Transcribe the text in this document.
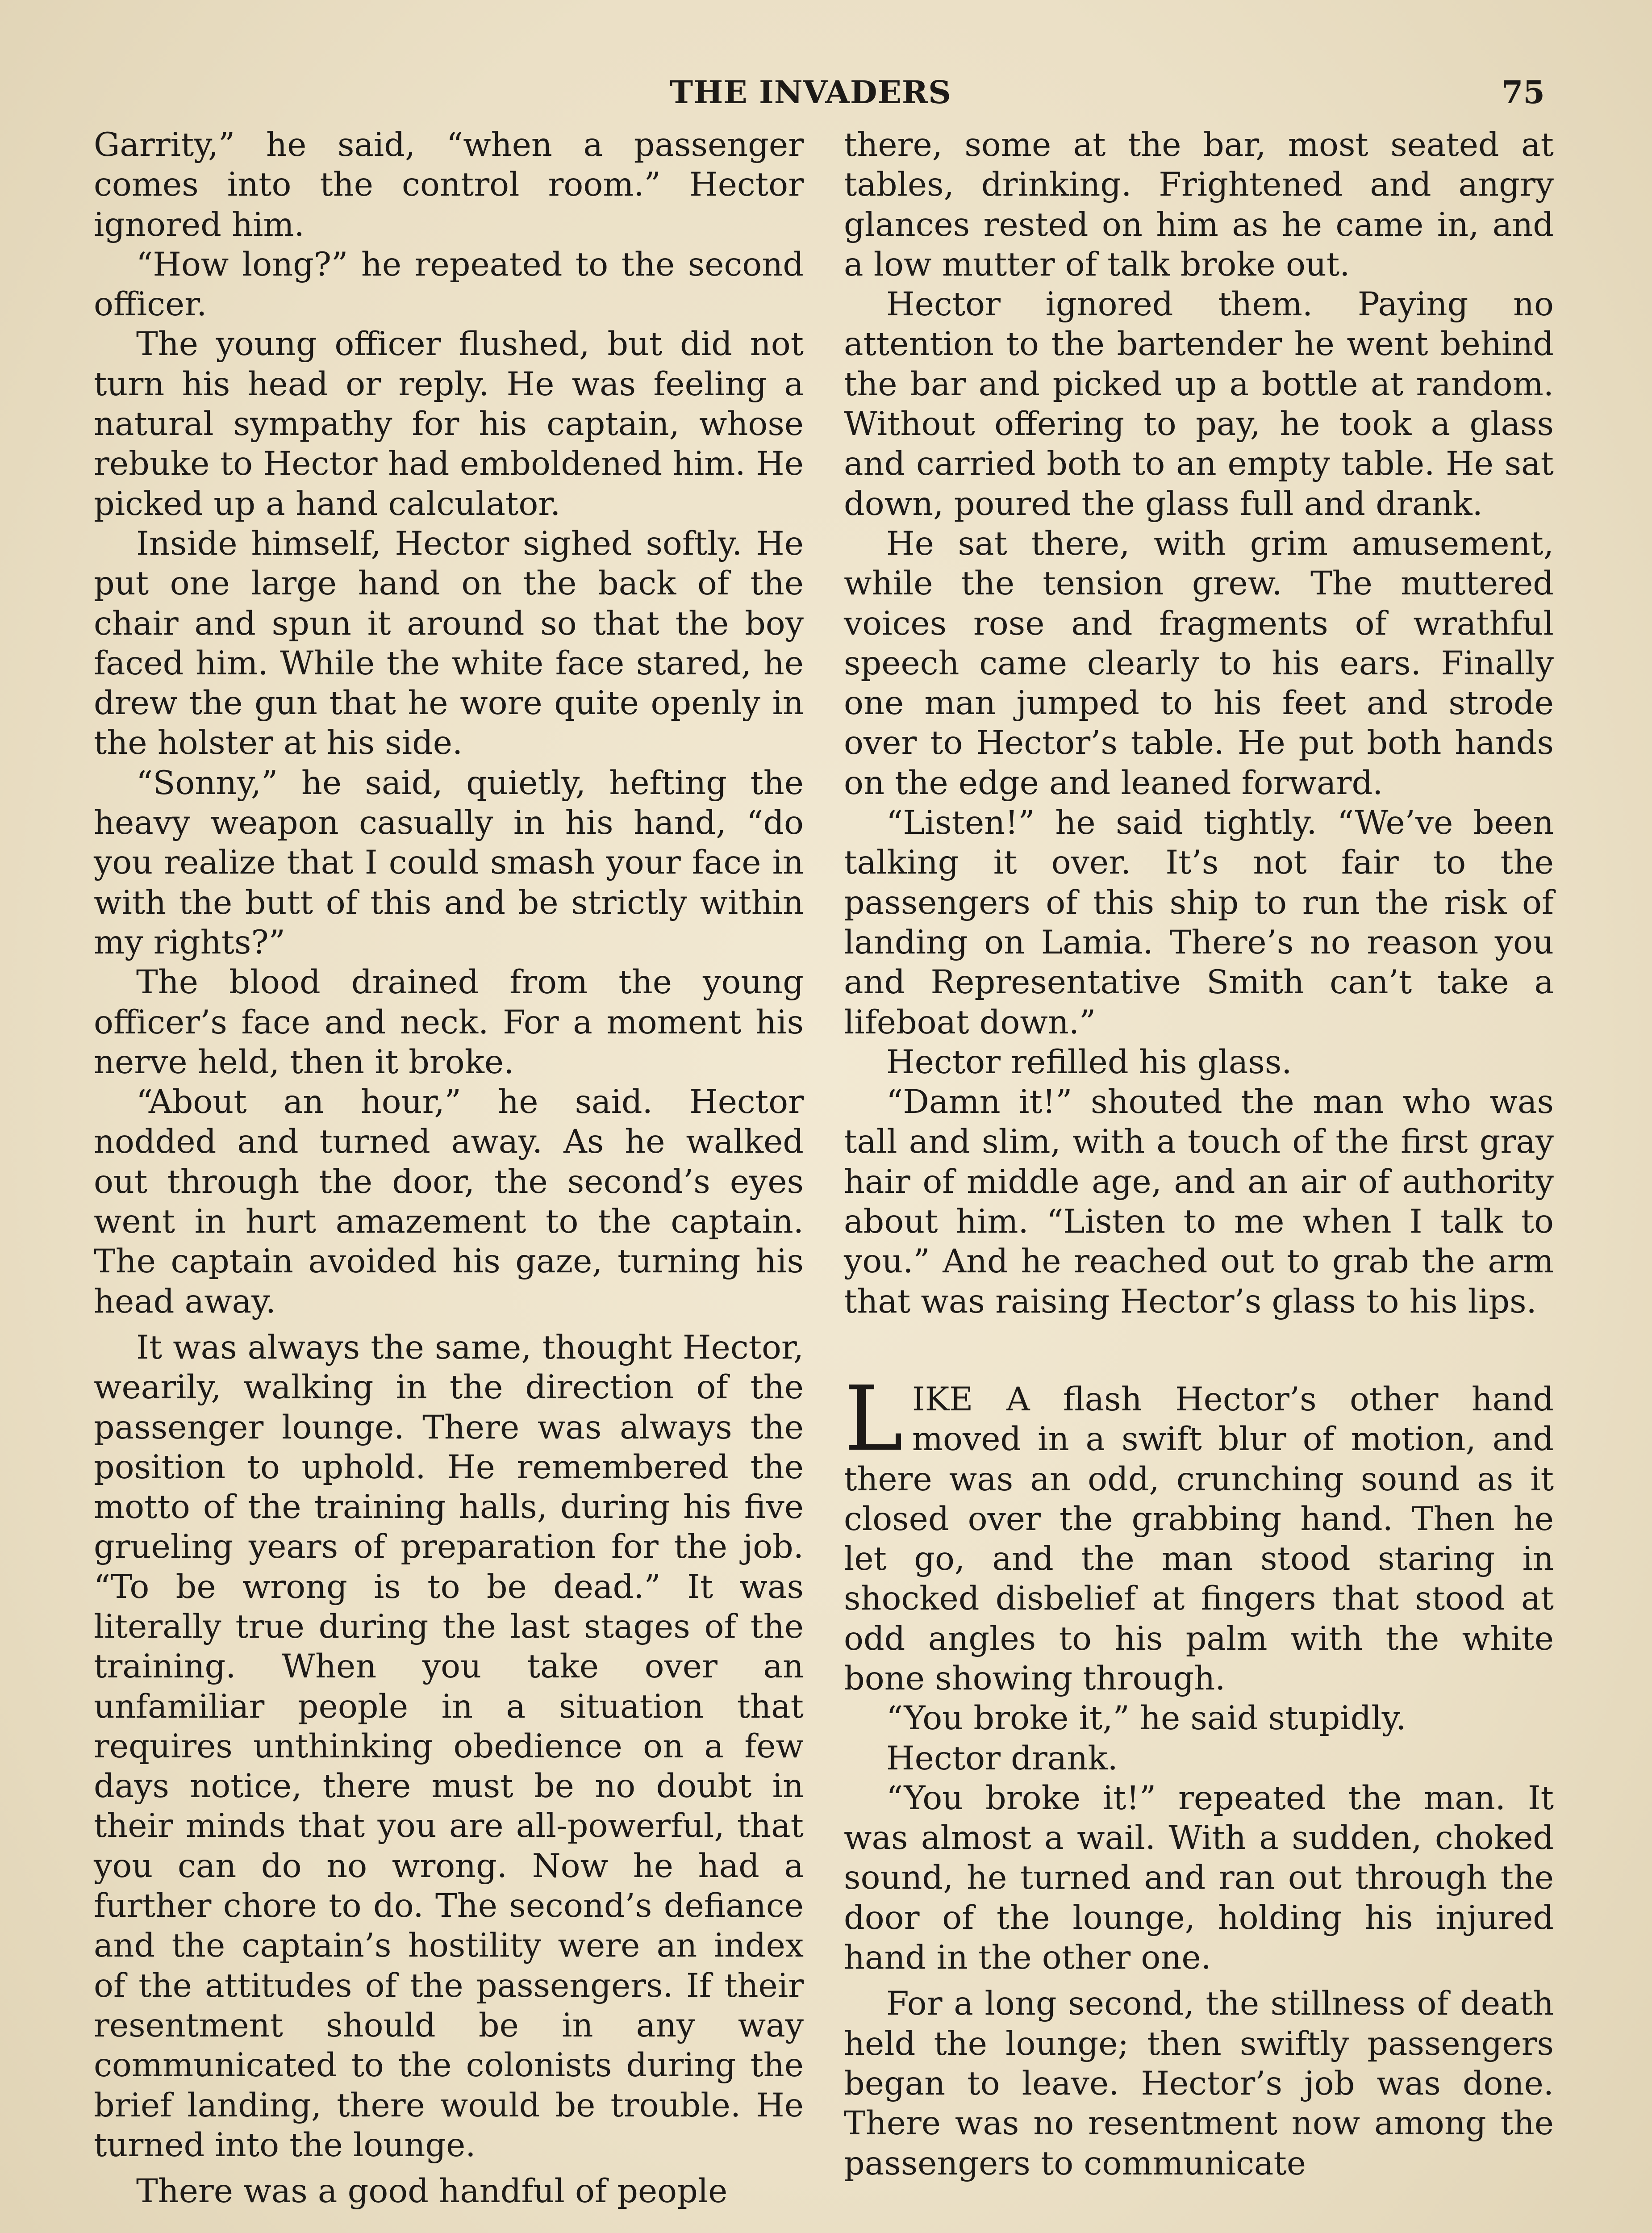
THE INVADERS	75

Garrity,” he said, “when a passenger comes into the control room.” Hector ignored him.

“How long?” he repeated to the second officer.

The young officer flushed, but did not turn his head or reply. He was feeling a natural sympathy for his captain, whose rebuke to Hector had emboldened him. He picked up a hand calculator.

Inside himself, Hector sighed softly. He put one large hand on the back of the chair and spun it around so that the boy faced him. While the white face stared, he drew the gun that he wore quite openly in the holster at his side.

“Sonny,” he said, quietly, hefting the heavy weapon casually in his hand, “do you realize that I could smash your face in with the butt of this and be strictly within my rights?”

The blood drained from the young officer’s face and neck. For a moment his nerve held, then it broke.

“About an hour,” he said. Hector nodded and turned away. As he walked out through the door, the second’s eyes went in hurt amazement to the captain. The captain avoided his gaze, turning his head away.

It was always the same, thought Hector, wearily, walking in the direction of the passenger lounge. There was always the position to uphold. He remembered the motto of the training halls, during his five grueling years of preparation for the job. “To be wrong is to be dead.” It was literally true during the last stages of the training. When you take over an unfamiliar people in a situation that requires unthinking obedience on a few days notice, there must be no doubt in their minds that you are all-powerful, that you can do no wrong. Now he had a further chore to do. The second’s defiance and the captain’s hostility were an index of the attitudes of the passengers. If their resentment should be in any way communicated to the colonists during the brief landing, there would be trouble. He turned into the lounge.

There was a good handful of people

there, some at the bar, most seated at tables, drinking. Frightened and angry glances rested on him as he came in, and a low mutter of talk broke out.

Hector ignored them. Paying no attention to the bartender he went behind the bar and picked up a bottle at random. Without offering to pay, he took a glass and carried both to an empty table. He sat down, poured the glass full and drank.

He sat there, with grim amusement, while the tension grew. The muttered voices rose and fragments of wrathful speech came clearly to his ears. Finally one man jumped to his feet and strode over to Hector’s table. He put both hands on the edge and leaned forward.

“Listen!” he said tightly. “We’ve been talking it over. It’s not fair to the passengers of this ship to run the risk of landing on Lamia. There’s no reason you and Representative Smith can’t take a lifeboat down.”

Hector refilled his glass.

“Damn it!” shouted the man who was tall and slim, with a touch of the first gray hair of middle age, and an air of authority about him. “Listen to me when I talk to you.” And he reached out to grab the arm that was raising Hector’s glass to his lips.

LIKE A flash Hector’s other hand moved in a swift blur of motion, and there was an odd, crunching sound as it closed over the grabbing hand. Then he let go, and the man stood staring in shocked disbelief at fingers that stood at odd angles to his palm with the white bone showing through.

“You broke it,” he said stupidly.

Hector drank.

“You broke it!” repeated the man. It was almost a wail. With a sudden, choked sound, he turned and ran out through the door of the lounge, holding his injured hand in the other one.

For a long second, the stillness of death held the lounge; then swiftly passengers began to leave. Hector’s job was done. There was no resentment now among the passengers to communicate
